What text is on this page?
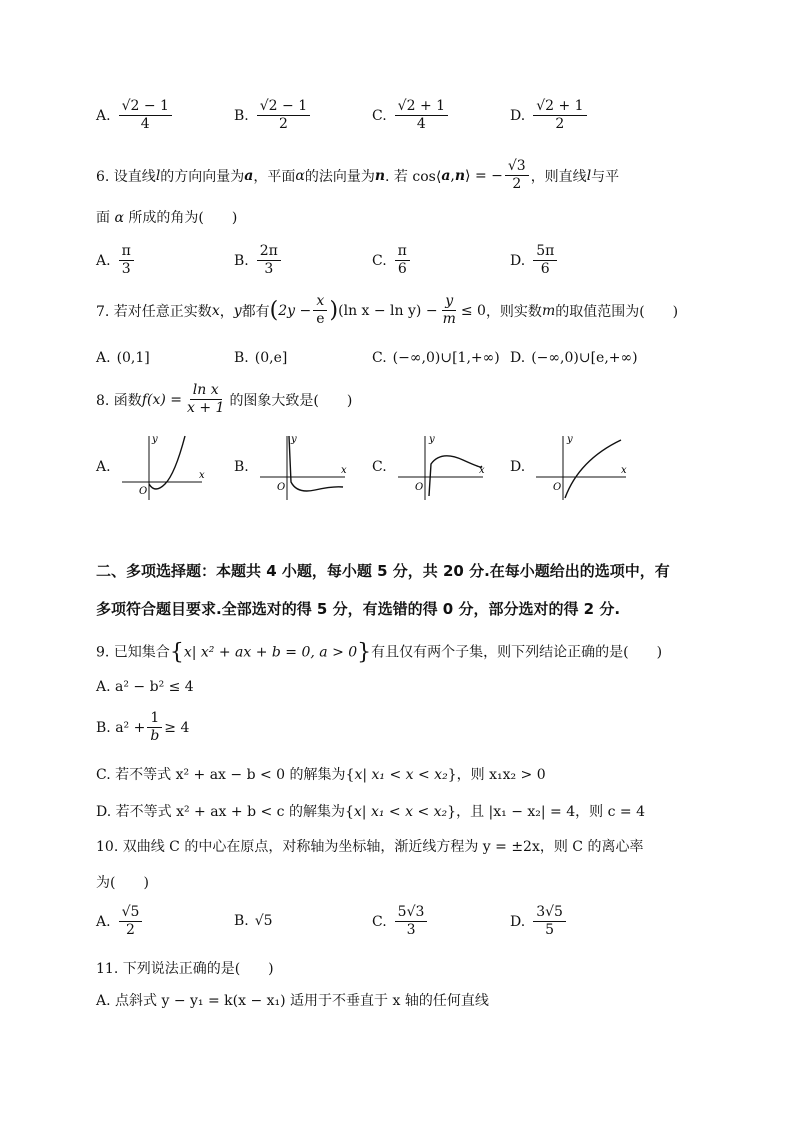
A. $\frac{√2 - 1}{4}$	B. $\frac{√2 - 1}{2}$	C. $\frac{√2 + 1}{4}$	D. $\frac{√2 + 1}{2}$
6. 设直线 l 的方向向量为 a ，平面 α 的法向量为 n . 若 cos⟨ a , n ⟩ = − $\frac{√3}{2}$ ，则直线 l 与平
面 α 所成的角为(　　)
A. $\frac{\pi}{3}$	B. $\frac{2\pi}{3}$	C. $\frac{\pi}{6}$	D. $\frac{5\pi}{6}$
7. 若对任意正实数 x ， y 都有 ( $2y - \frac{x}{e}$ ) (ln $x - \ln y) - \frac{y}{m} \le 0$ ，则实数 m 的取值范围为(　　)
A. (0,1]	B. (0,e]	C. (−∞,0)∪[1,+∞) D. (−∞,0)∪[e,+∞)
8. 函数 $f(x) = \frac{\text{ln x}}{x + 1}$ 的图象大致是(　　)
A.
x
y
O
B.	x
y
O
C.	x
y
O
D.	x
y
O
二、多项选择题：本题共 4 小题，每小题 5 分，共 20 分.在每小题给出的选项中，有
多项符合题目要求.全部选对的得 5 分，有选错的得 0 分，部分选对的得 2 分.
9. 已知集合{x| x² + ax + b = 0, a > 0}有且仅有两个子集，则下列结论正确的是(　　)
A. a² − b² ≤ 4
B. $a^2 + \frac{1}{b} \ge 4$
C. 若不等式 x² + ax − b < 0 的解集为{x| x₁ < x < x₂}，则 x₁x₂ > 0
D. 若不等式 x² + ax + b < c 的解集为{x| x₁ < x < x₂}，且 |x₁ − x₂| = 4，则 c = 4
10. 双曲线 C 的中心在原点，对称轴为坐标轴，渐近线方程为 y = ±2x，则 C 的离心率
为(　　)
A. $\frac{√5}{2}$	B. √5	C. $\frac{5√3}{3}$	D. $\frac{3√5}{5}$
11. 下列说法正确的是(　　)
A. 点斜式 y − y₁ = k(x − x₁) 适用于不垂直于 x 轴的任何直线
